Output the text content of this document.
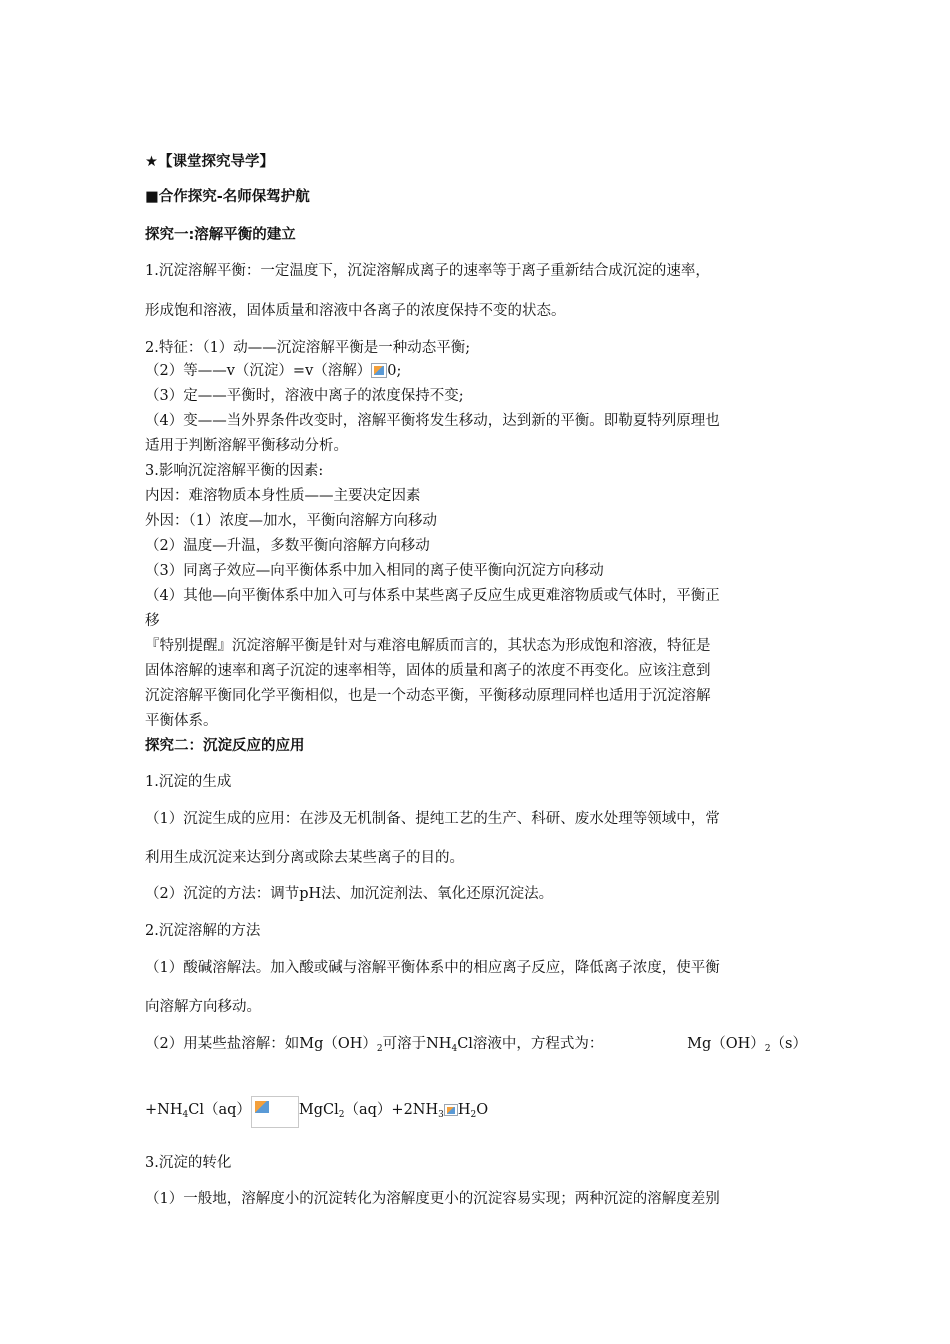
★【课堂探究导学】
■合作探究-名师保驾护航
探究一:溶解平衡的建立
1.沉淀溶解平衡：一定温度下，沉淀溶解成离子的速率等于离子重新结合成沉淀的速率，
形成饱和溶液，固体质量和溶液中各离子的浓度保持不变的状态。
2.特征：（1）动——沉淀溶解平衡是一种动态平衡;
（2）等——v（沉淀）=v（溶解） 0;
（3）定——平衡时，溶液中离子的浓度保持不变;
（4）变——当外界条件改变时，溶解平衡将发生移动，达到新的平衡。即勒夏特列原理也
适用于判断溶解平衡移动分析。
3.影响沉淀溶解平衡的因素:
内因：难溶物质本身性质——主要决定因素
外因：（1）浓度—加水，平衡向溶解方向移动
（2）温度—升温，多数平衡向溶解方向移动
（3）同离子效应—向平衡体系中加入相同的离子使平衡向沉淀方向移动
（4）其他—向平衡体系中加入可与体系中某些离子反应生成更难溶物质或气体时，平衡正
移
『特别提醒』沉淀溶解平衡是针对与难溶电解质而言的，其状态为形成饱和溶液，特征是
固体溶解的速率和离子沉淀的速率相等，固体的质量和离子的浓度不再变化。应该注意到
沉淀溶解平衡同化学平衡相似，也是一个动态平衡，平衡移动原理同样也适用于沉淀溶解
平衡体系。
探究二：沉淀反应的应用
1.沉淀的生成
（1）沉淀生成的应用：在涉及无机制备、提纯工艺的生产、科研、废水处理等领域中，常
利用生成沉淀来达到分离或除去某些离子的目的。
（2）沉淀的方法：调节pH法、加沉淀剂法、氧化还原沉淀法。
2.沉淀溶解的方法
（1）酸碱溶解法。加入酸或碱与溶解平衡体系中的相应离子反应，降低离子浓度，使平衡
向溶解方向移动。
（2）用某些盐溶解：如$Mg(OH)_2$可溶于$NH_4Cl$溶液中，方程式为：	$Mg(OH)_2(s)$
$+NH_4Cl(aq)$	$MgCl_2(aq)+2NH_3$ $H_2O$
3.沉淀的转化
（1）一般地，溶解度小的沉淀转化为溶解度更小的沉淀容易实现；两种沉淀的溶解度差别
